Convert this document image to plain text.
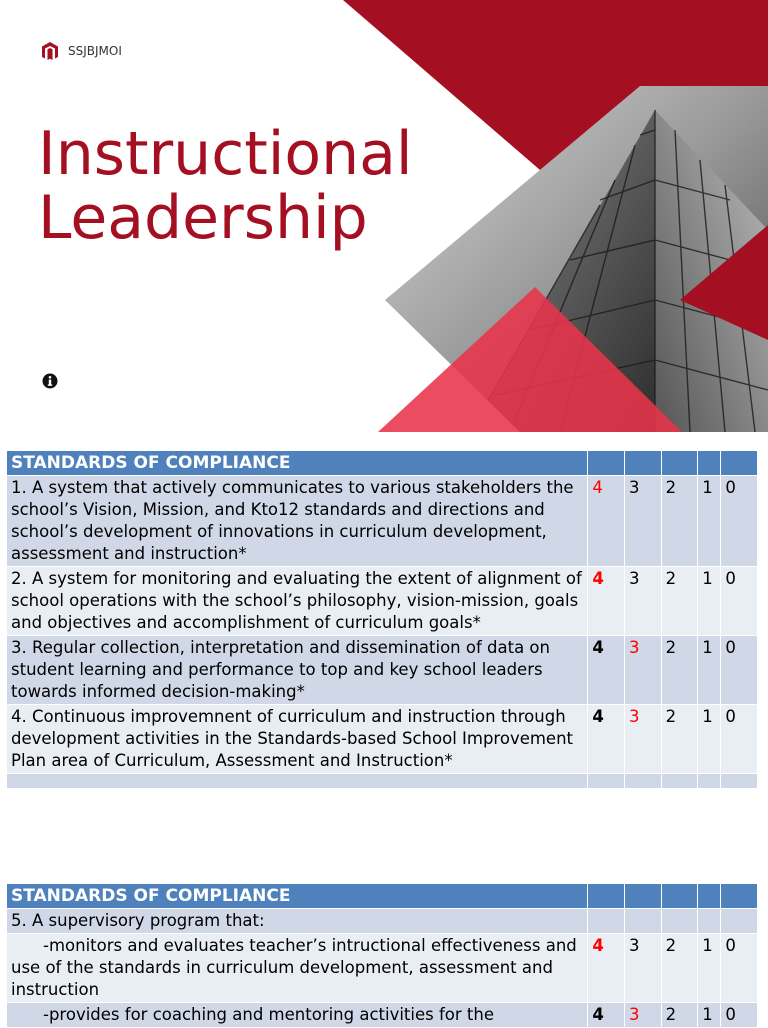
SSJBJMOI
Instructional
Leadership
STANDARDS OF COMPLIANCE					
1. A system that actively communicates to various stakeholders the school’s Vision, Mission, and Kto12 standards and directions and school’s development of innovations in curriculum development, assessment and instruction*	4	3	2	1	0
2. A system for monitoring and evaluating the extent of alignment of school operations with the school’s philosophy, vision-mission, goals and objectives and accomplishment of curriculum goals*	4	3	2	1	0
3. Regular collection, interpretation and dissemination of data on student learning and performance to top and key school leaders towards informed decision-making*	4	3	2	1	0
4. Continuous improvemnent of curriculum and instruction through development activities in the Standards-based School Improvement Plan area of Curriculum, Assessment and Instruction*	4	3	2	1	0

STANDARDS OF COMPLIANCE					
5. A supervisory program that:					
-monitors and evaluates teacher’s intructional effectiveness and use of the standards in curriculum development, assessment and instruction	4	3	2	1	0
-provides for coaching and mentoring activities for the	4	3	2	1	0
